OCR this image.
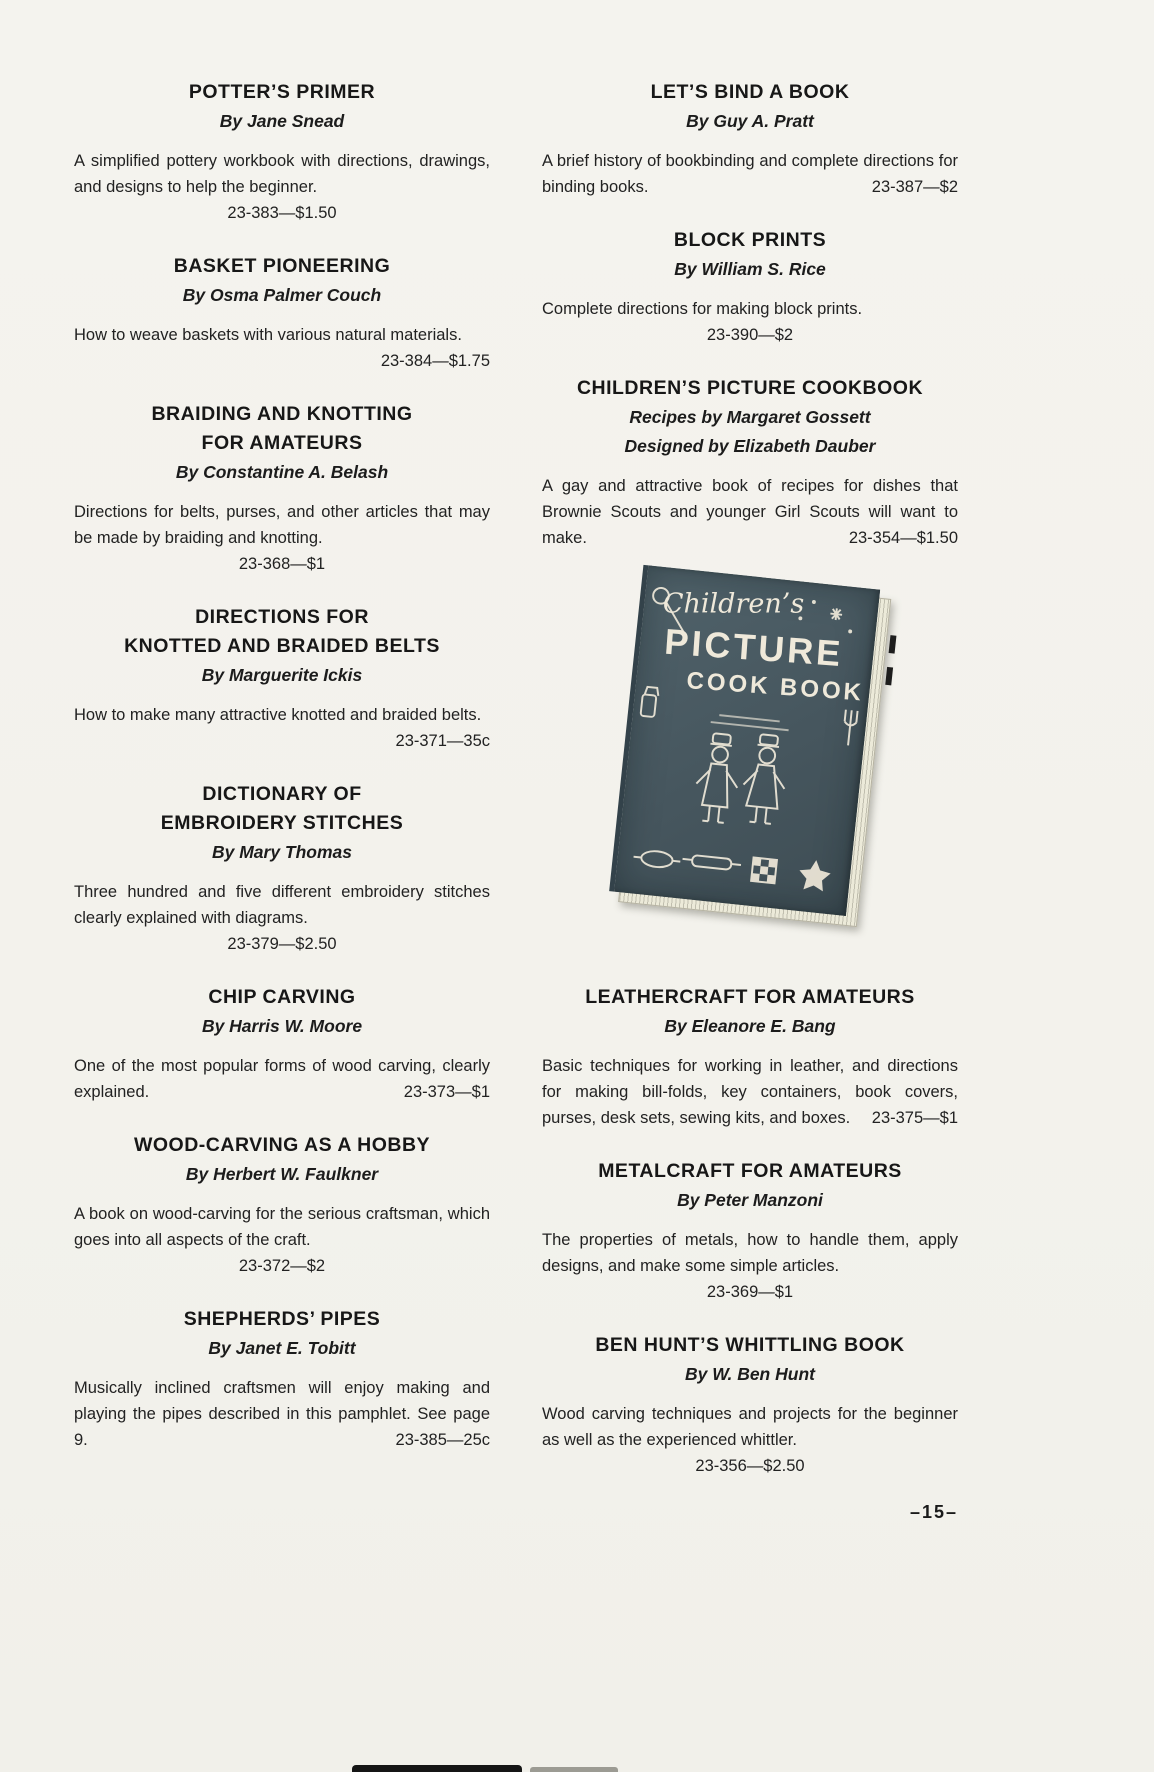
POTTER’S PRIMER
By Jane Snead

A simplified pottery workbook with directions, drawings, and designs to help the beginner.

23-383—$1.50
BASKET PIONEERING
By Osma Palmer Couch

How to weave baskets with various natural materials.
23-384—$1.75

BRAIDING AND KNOTTING
FOR AMATEURS
By Constantine A. Belash

Directions for belts, purses, and other articles that may be made by braiding and knotting.

23-368—$1
DIRECTIONS FOR
KNOTTED AND BRAIDED BELTS
By Marguerite Ickis

How to make many attractive knotted and braided belts.
23-371—35c

DICTIONARY OF
EMBROIDERY STITCHES
By Mary Thomas

Three hundred and five different embroidery stitches clearly explained with diagrams.

23-379—$2.50
CHIP CARVING
By Harris W. Moore

One of the most popular forms of wood carving, clearly explained.	23-373—$1

WOOD-CARVING AS A HOBBY
By Herbert W. Faulkner

A book on wood-carving for the serious craftsman, which goes into all aspects of the craft.

23-372—$2
SHEPHERDS’ PIPES
By Janet E. Tobitt

Musically inclined craftsmen will enjoy making and playing the pipes described in this pamphlet. See page 9.	23-385—25c

LET’S BIND A BOOK
By Guy A. Pratt

A brief history of bookbinding and complete directions for binding books.	23-387—$2

BLOCK PRINTS
By William S. Rice

Complete directions for making block prints.

23-390—$2
CHILDREN’S PICTURE COOKBOOK
Recipes by Margaret Gossett
Designed by Elizabeth Dauber

A gay and attractive book of recipes for dishes that Brownie Scouts and younger Girl Scouts will want to make.	23-354—$1.50

Children’s
PICTURE
COOK BOOK
LEATHERCRAFT FOR AMATEURS
By Eleanore E. Bang

Basic techniques for working in leather, and directions for making bill-folds, key containers, book covers, purses, desk sets, sewing kits, and boxes. 23-375—$1

METALCRAFT FOR AMATEURS
By Peter Manzoni

The properties of metals, how to handle them, apply designs, and make some simple articles.

23-369—$1
BEN HUNT’S WHITTLING BOOK
By W. Ben Hunt

Wood carving techniques and projects for the beginner as well as the experienced whittler.

23-356—$2.50
–15–
